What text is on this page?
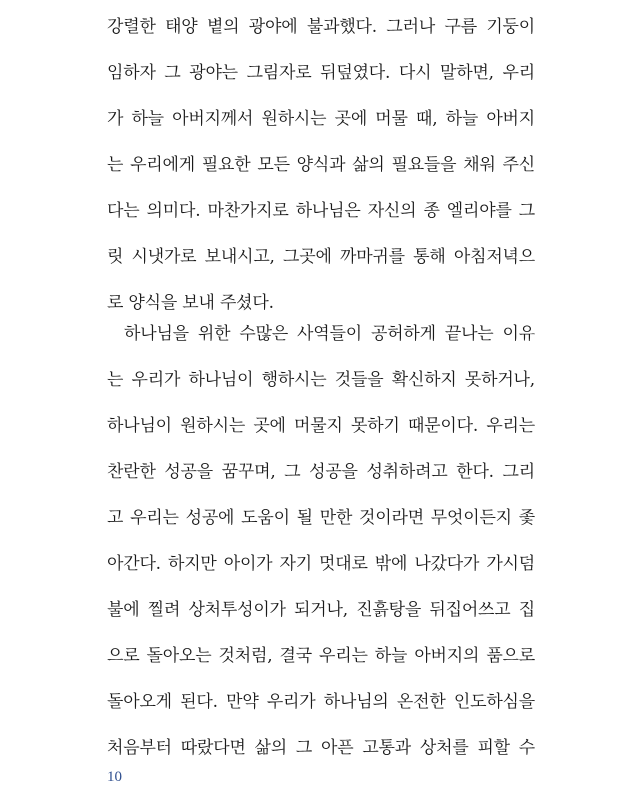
강렬한 태양 볕의 광야에 불과했다. 그러나 구름 기둥이
임하자 그 광야는 그림자로 뒤덮였다. 다시 말하면, 우리
가 하늘 아버지께서 원하시는 곳에 머물 때, 하늘 아버지
는 우리에게 필요한 모든 양식과 삶의 필요들을 채워 주신
다는 의미다. 마찬가지로 하나님은 자신의 종 엘리야를 그
릿 시냇가로 보내시고, 그곳에 까마귀를 통해 아침저녁으
로 양식을 보내 주셨다.
하나님을 위한 수많은 사역들이 공허하게 끝나는 이유
는 우리가 하나님이 행하시는 것들을 확신하지 못하거나,
하나님이 원하시는 곳에 머물지 못하기 때문이다. 우리는
찬란한 성공을 꿈꾸며, 그 성공을 성취하려고 한다. 그리
고 우리는 성공에 도움이 될 만한 것이라면 무엇이든지 좇
아간다. 하지만 아이가 자기 멋대로 밖에 나갔다가 가시덤
불에 찔려 상처투성이가 되거나, 진흙탕을 뒤집어쓰고 집
으로 돌아오는 것처럼, 결국 우리는 하늘 아버지의 품으로
돌아오게 된다. 만약 우리가 하나님의 온전한 인도하심을
처음부터 따랐다면 삶의 그 아픈 고통과 상처를 피할 수
10
